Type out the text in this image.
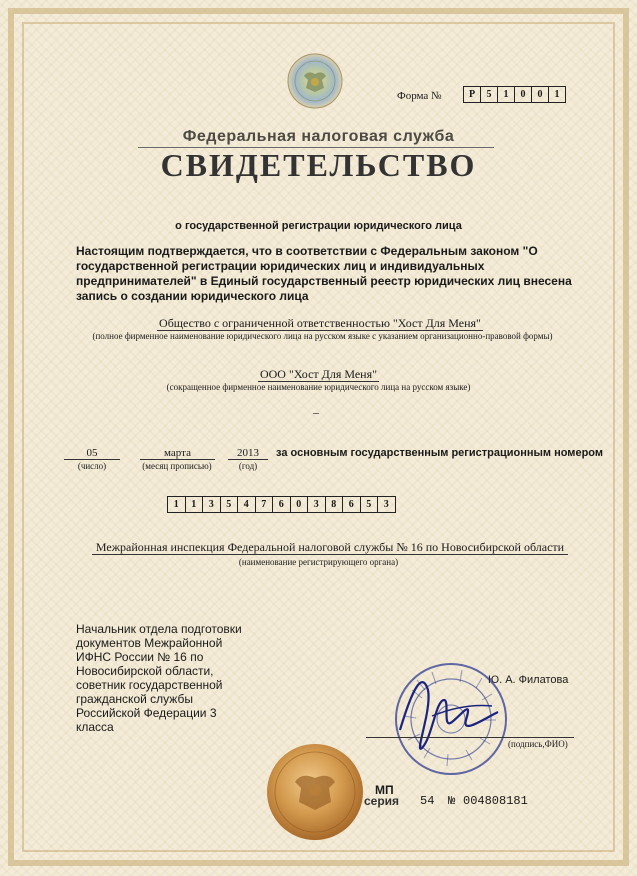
Форма №	Р	5	1	0	0	1
Федеральная налоговая служба
СВИДЕТЕЛЬСТВО
о государственной регистрации юридического лица
Настоящим подтверждается, что в соответствии с Федеральным законом "О государственной регистрации юридических лиц и индивидуальных предпринимателей" в Единый государственный реестр юридических лиц внесена запись о создании юридического лица
Общество с ограниченной ответственностью "Хост Для Меня"
(полное фирменное наименование юридического лица на русском языке с указанием организационно-правовой формы)
ООО "Хост Для Меня"
(сокращенное фирменное наименование юридического лица на русском языке)
–
05	марта	2013	за основным государственным регистрационным номером
(число)	(месяц прописью)	(год)
1	1	3	5	4	7	6	0	3	8	6	5	3
Межрайонная инспекция Федеральной налоговой службы № 16 по Новосибирской области
(наименование регистрирующего органа)
Начальник отдела подготовки документов Межрайонной ИФНС России № 16 по Новосибирской области, советник государственной гражданской службы Российской Федерации 3 класса
Ю. А. Филатова
(подпись,ФИО)
МП
серия 54 № 004808181
